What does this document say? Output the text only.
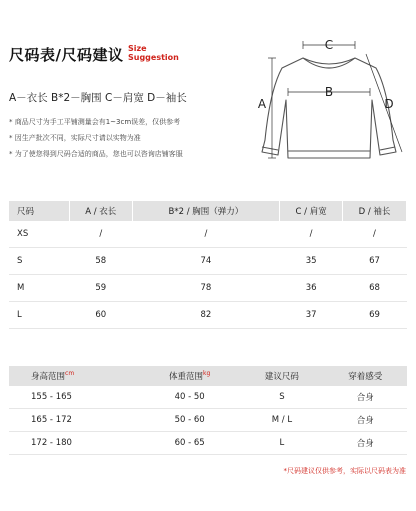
尺码表/尺码建议 Size
Suggestion
A－衣长 B*2－胸围 C－肩宽 D－袖长
* 商品尺寸为手工平铺测量会有1~3cm误差，仅供参考
* 因生产批次不同，实际尺寸请以实物为准
* 为了使您得到尺码合适的商品，您也可以咨询店铺客服
C
B
A	D
尺码	A / 衣长	B*2 / 胸围（弹力）	C / 肩宽	D / 袖长
XS	/	/	/	/
S	58	74	35	67
M	59	78	36	68
L	60	82	37	69
身高范围$^{cm}$	体重范围$^{kg}$	建议尺码	穿着感受
155 - 165	40 - 50	S	合身
165 - 172	50 - 60	M / L	合身
172 - 180	60 - 65	L	合身
*尺码建议仅供参考，实际以尺码表为准
